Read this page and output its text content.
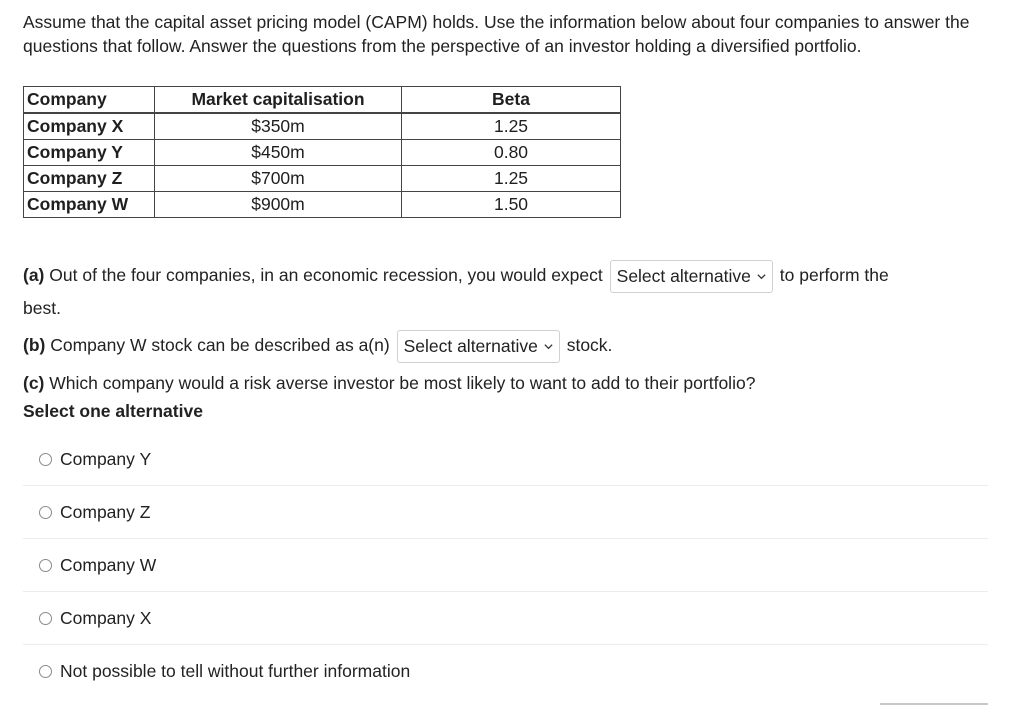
Assume that the capital asset pricing model (CAPM) holds. Use the information below about four companies to answer the questions that follow. Answer the questions from the perspective of an investor holding a diversified portfolio.
Company	Market capitalisation	Beta
Company X	$350m	1.25
Company Y	$450m	0.80
Company Z	$700m	1.25
Company W	$900m	1.50
(a) Out of the four companies, in an economic recession, you would expect Select alternative to perform the
best.
(b) Company W stock can be described as a(n) Select alternative stock.
(c) Which company would a risk averse investor be most likely to want to add to their portfolio?
Select one alternative
Company Y
Company Z
Company W
Company X
Not possible to tell without further information
